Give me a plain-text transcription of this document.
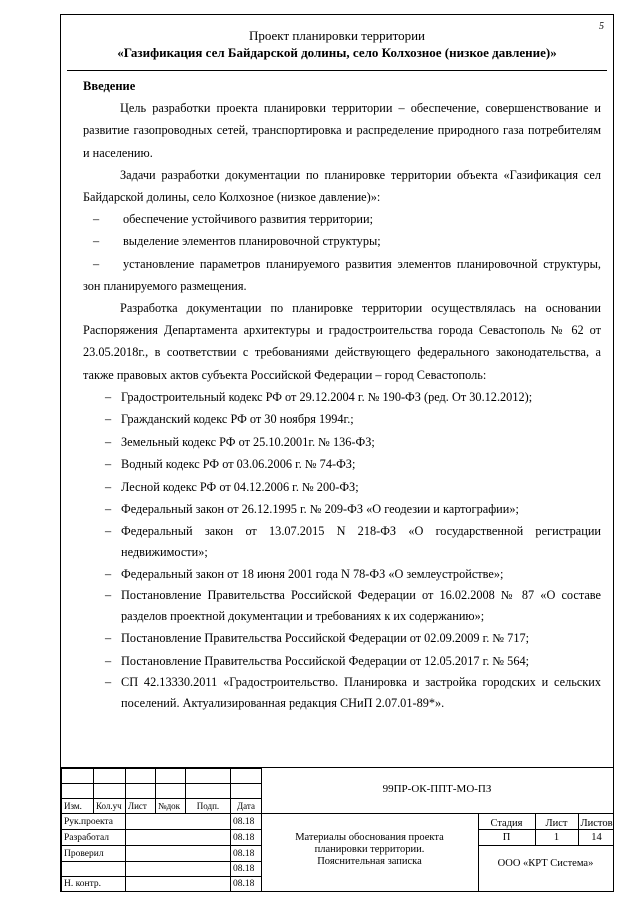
5
Проект планировки территории
«Газификация сел Байдарской долины, село Колхозное (низкое давление)»
Введение

Цель разработки проекта планировки территории – обеспечение, совершенствование и развитие газопроводных сетей, транспортировка и распределение природного газа потребителям и населению.

Задачи разработки документации по планировке территории объекта «Газификация сел Байдарской долины, село Колхозное (низкое давление)»:

– обеспечение устойчивого развития территории;
– выделение элементов планировочной структуры;

– установление параметров планируемого развития элементов планировочной структуры, зон планируемого размещения.

Разработка документации по планировке территории осуществлялась на основании Распоряжения Департамента архитектуры и градостроительства города Севастополь № 62 от 23.05.2018г., в соответствии с требованиями действующего федерального законодательства, а также правовых актов субъекта Российской Федерации – город Севастополь:

– Градостроительный кодекс РФ от 29.12.2004 г. № 190-ФЗ (ред. От 30.12.2012);
– Гражданский кодекс РФ от 30 ноября 1994г.;
– Земельный кодекс РФ от 25.10.2001г. № 136-ФЗ;
– Водный кодекс РФ от 03.06.2006 г. № 74-ФЗ;
– Лесной кодекс РФ от 04.12.2006 г. № 200-ФЗ;
– Федеральный закон от 26.12.1995 г. № 209-ФЗ «О геодезии и картографии»;
– Федеральный закон от 13.07.2015 N 218-ФЗ «О государственной регистрации недвижимости»;
– Федеральный закон от 18 июня 2001 года N 78-ФЗ «О землеустройстве»;
– Постановление Правительства Российской Федерации от 16.02.2008 № 87 «О составе разделов проектной документации и требованиях к их содержанию»;
– Постановление Правительства Российской Федерации от 02.09.2009 г. № 717;
– Постановление Правительства Российской Федерации от 12.05.2017 г. № 564;
– СП 42.13330.2011 «Градостроительство. Планировка и застройка городских и сельских поселений. Актуализированная редакция СНиП 2.07.01-89*».

Изм.	Кол.уч	Лист	№док	Подп.	Дата
Рук.проекта					08.18
Разработал					08.18
Проверил					08.18
					08.18
Н. контр.					08.18
99ПР-ОК-ППТ-МО-ПЗ
Материалы обоснования проекта
планировки территории.
Пояснительная записка
Стадия	Лист	Листов
П	1	14
ООО «КРТ Система»
